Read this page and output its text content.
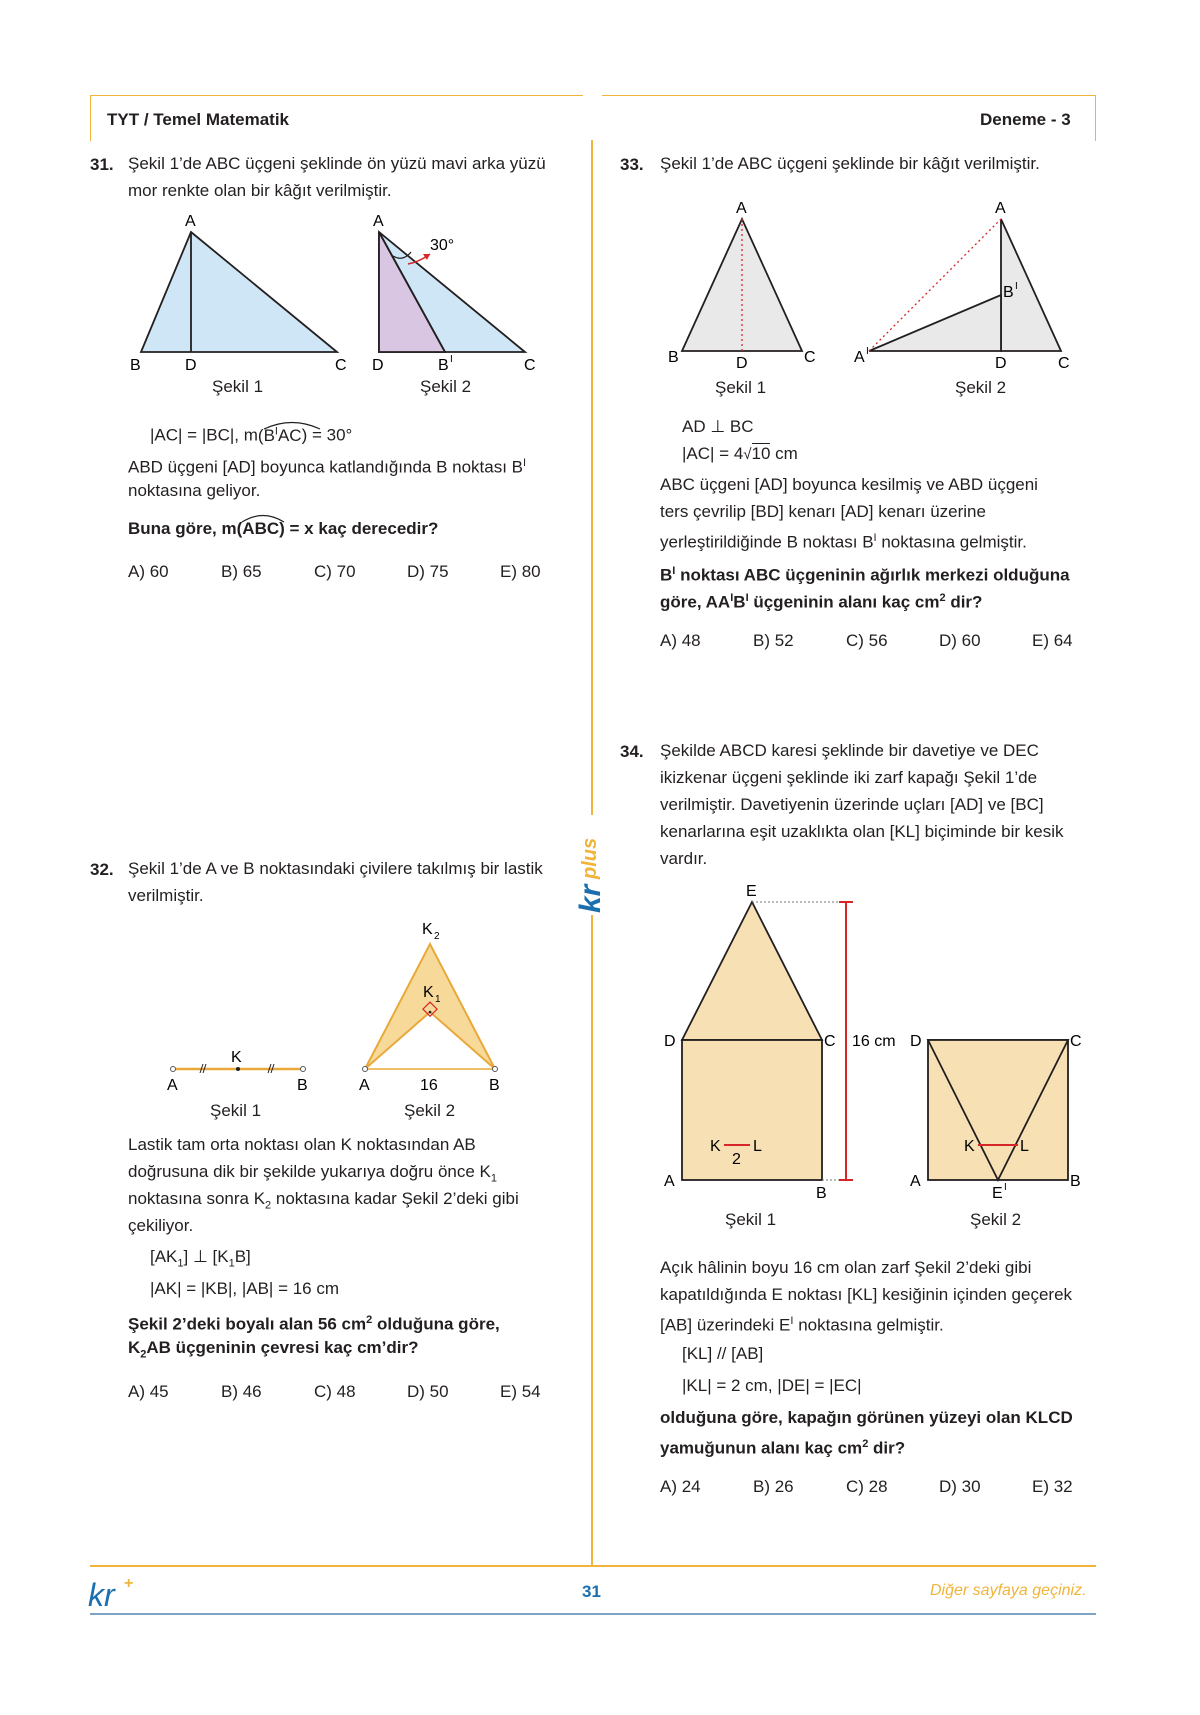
TYT / Temel Matematik	Deneme - 3
kr
plus
31. Şekil 1’de ABC üçgeni şeklinde ön yüzü mavi arka yüzü
mor renkte olan bir kâğıt verilmiştir.
A
B	D	C
30°
A
D	B I	C
Şekil 1	Şekil 2
|AC| = |BC|, $m(B^IAC$
) = 30°
ABD üçgeni [AD] boyunca katlandığında B noktası $B^I$
noktasına geliyor.
Buna göre, m(ABC
) = x kaç derecedir?
A) 60	B) 65	C) 70	D) 75	E) 80
32. Şekil 1’de A ve B noktasındaki çivilere takılmış bir lastik
verilmiştir.
K
A	B
K 2
K 1
A	16	B
Şekil 1	Şekil 2
Lastik tam orta noktası olan K noktasından AB
doğrusuna dik bir şekilde yukarıya doğru önce $K_1$
noktasına sonra $K_2$ noktasına kadar Şekil 2’deki gibi
çekiliyor.
$[AK_1]$ ⊥ $[K_1B]$
|AK| = |KB|, |AB| = 16 cm
Şekil 2’deki boyalı alan 56 $cm^2$ olduğuna göre,
$K_2AB$ üçgeninin çevresi kaç cm’dir?
A) 45	B) 46	C) 48	D) 50	E) 54
33. Şekil 1’de ABC üçgeni şeklinde bir kâğıt verilmiştir.
A
B	D	C
A
B I
A I
D	C
Şekil 1	Şekil 2
AD ⊥ BC
|AC| = 4√10 cm
ABC üçgeni [AD] boyunca kesilmiş ve ABD üçgeni
ters çevrilip [BD] kenarı [AD] kenarı üzerine
yerleştirildiğinde B noktası $B^I$ noktasına gelmiştir.
$B^I$ noktası ABC üçgeninin ağırlık merkezi olduğuna
göre, $AA^IB^I$ üçgeninin alanı kaç $cm^2$ dir?
A) 48	B) 52	C) 56	D) 60	E) 64
34. Şekilde ABCD karesi şeklinde bir davetiye ve DEC
ikizkenar üçgeni şeklinde iki zarf kapağı Şekil 1’de
verilmiştir. Davetiyenin üzerinde uçları [AD] ve [BC]
kenarlarına eşit uzaklıkta olan [KL] biçiminde bir kesik
vardır.
E
D	C 16 cm
A
B
K L
2
D	C
A	B
K	L
E I
Şekil 1	Şekil 2
Açık hâlinin boyu 16 cm olan zarf Şekil 2’deki gibi
kapatıldığında E noktası [KL] kesiğinin içinden geçerek
[AB] üzerindeki $E^I$ noktasına gelmiştir.
[KL] // [AB]
|KL| = 2 cm, |DE| = |EC|
olduğuna göre, kapağın görünen yüzeyi olan KLCD
yamuğunun alanı kaç $cm^2$ dir?
A) 24	B) 26	C) 28	D) 30	E) 32
kr +	31	Diğer sayfaya geçiniz.
